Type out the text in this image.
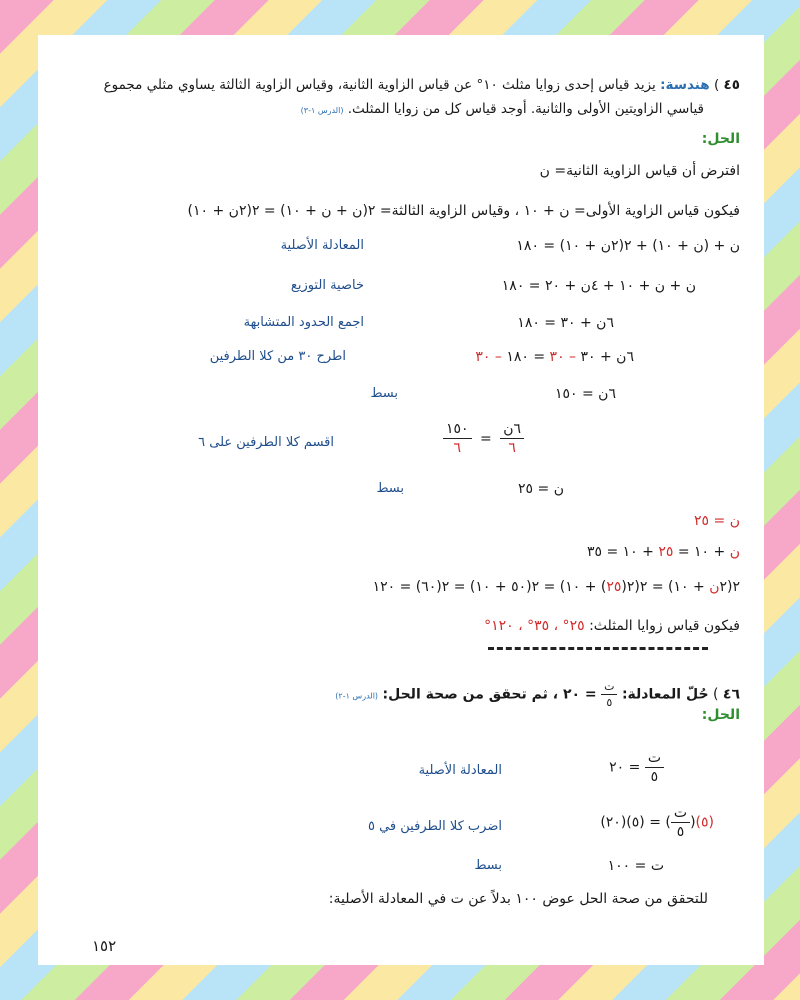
٤٥ ) هندسة: يزيد قياس إحدى زوايا مثلث ١٠° عن قياس الزاوية الثانية، وقياس الزاوية الثالثة يساوي مثلي مجموع
قياسي الزاويتين الأولى والثانية. أوجد قياس كل من زوايا المثلث. (الدرس ١-٣)
الحل:
افترض أن قياس الزاوية الثانية= ن
فيكون قياس الزاوية الأولى= ن + ١٠ ، وقياس الزاوية الثالثة= ٢(ن + ن + ١٠) = ٢(٢ن + ١٠)
ن + (ن + ١٠) + ٢(٢ن + ١٠) = ١٨٠
المعادلة الأصلية
ن + ن + ١٠ + ٤ن + ٢٠ = ١٨٠
خاصية التوزيع
٦ن + ٣٠ = ١٨٠
اجمع الحدود المتشابهة
٦ن + ٣٠ – ٣٠ = ١٨٠ – ٣٠
اطرح ٣٠ من كلا الطرفين
٦ن = ١٥٠
بسط
$\frac{\text{٦ن}}{٦}$
=
$\frac{١٥٠}{٦}$
اقسم كلا الطرفين على ٦
ن = ٢٥
بسط
ن = ٢٥
ن + ١٠ = ٢٥ + ١٠ = ٣٥
٢(٢ن + ١٠) = ٢(٢(٢٥) + ١٠) = ٢(٥٠ + ١٠) = ٢(٦٠) = ١٢٠
فيكون قياس زوايا المثلث: ٢٥° ، ٣٥° ، ١٢٠°
٤٦ ) حُلّ المعادلة:
$\frac{\text{ت}}{٥}$
= ٢٠ ، ثم تحقق من صحة الحل: (الدرس ١-٢)
الحل:
$\frac{\text{ت}}{٥}$
= ٢٠
المعادلة الأصلية
(٥)(
$\frac{\text{ت}}{٥}$
) = (٥)(٢٠)
اضرب كلا الطرفين في ٥
ت = ١٠٠
بسط
للتحقق من صحة الحل عوض ١٠٠ بدلاً عن ت في المعادلة الأصلية:
١٥٢
